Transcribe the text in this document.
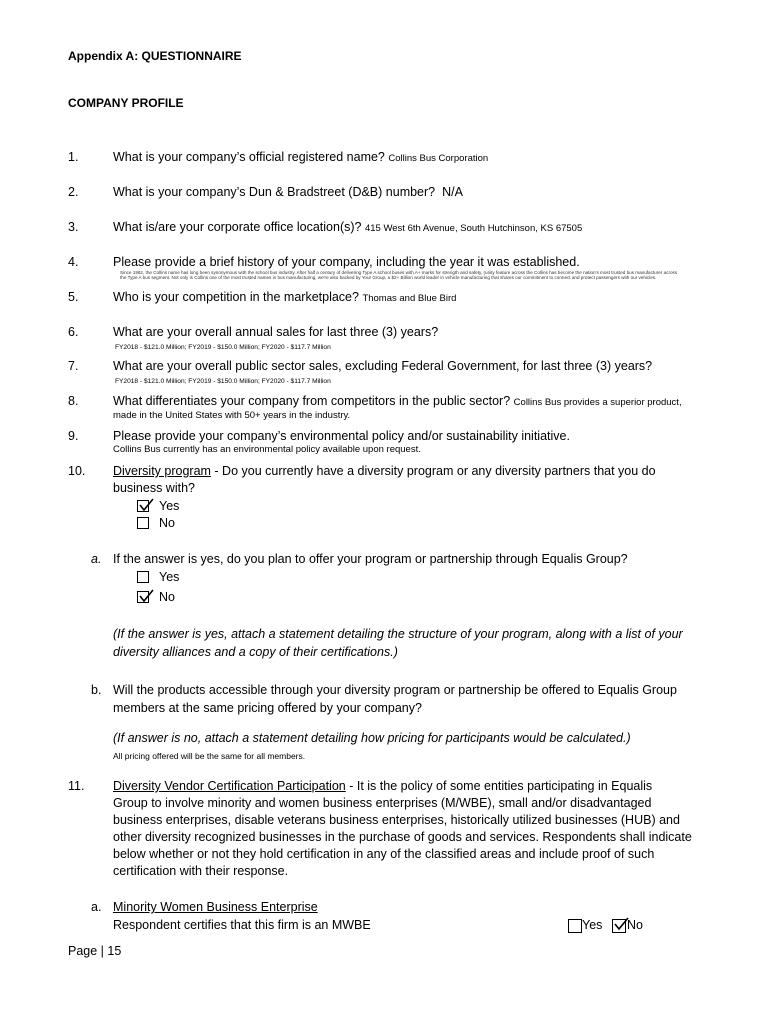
Appendix A: QUESTIONNAIRE
COMPANY PROFILE
1.	What is your company’s official registered name? Collins Bus Corporation
2.	What is your company’s Dun & Bradstreet (D&B) number? N/A
3.	What is/are your corporate office location(s)? 415 West 6th Avenue, South Hutchinson, KS 67505
4.	Please provide a brief history of your company, including the year it was established.
Since 1962, the Collins name has long been synonymous with the school bus industry. After half a century of delivering Type A school buses with A+ marks for strength and safety, (unity feature across the Collins has become the nation's most trusted bus manufacturer across the Type A bus segment. Not only is Collins one of the most trusted names in bus manufacturing, we're also backed by Your Group, a $2+ Billion world leader in vehicle manufacturing that shares our commitment to connect and protect passengers with our vehicles.
5.	Who is your competition in the marketplace? Thomas and Blue Bird
6.	What are your overall annual sales for last three (3) years?
FY2018 - $121.0 Million; FY2019 - $150.0 Million; FY2020 - $117.7 Million
7.	What are your overall public sector sales, excluding Federal Government, for last three (3) years?
FY2018 - $121.0 Million; FY2019 - $150.0 Million; FY2020 - $117.7 Million
8.	What differentiates your company from competitors in the public sector? Collins Bus provides a superior product,
made in the United States with 50+ years in the industry.
9.	Please provide your company’s environmental policy and/or sustainability initiative.
Collins Bus currently has an environmental policy available upon request.
10. Diversity program - Do you currently have a diversity program or any diversity partners that you do
business with?
Yes
No
a. If the answer is yes, do you plan to offer your program or partnership through Equalis Group?
Yes
No
(If the answer is yes, attach a statement detailing the structure of your program, along with a list of your
diversity alliances and a copy of their certifications.)
b. Will the products accessible through your diversity program or partnership be offered to Equalis Group
members at the same pricing offered by your company?
(If answer is no, attach a statement detailing how pricing for participants would be calculated.)
All pricing offered will be the same for all members.
11. Diversity Vendor Certification Participation - It is the policy of some entities participating in Equalis
Group to involve minority and women business enterprises (M/WBE), small and/or disadvantaged
business enterprises, disable veterans business enterprises, historically utilized businesses (HUB) and
other diversity recognized businesses in the purchase of goods and services. Respondents shall indicate
below whether or not they hold certification in any of the classified areas and include proof of such
certification with their response.
a. Minority Women Business Enterprise
Respondent certifies that this firm is an MWBE	Yes No
Page | 15
